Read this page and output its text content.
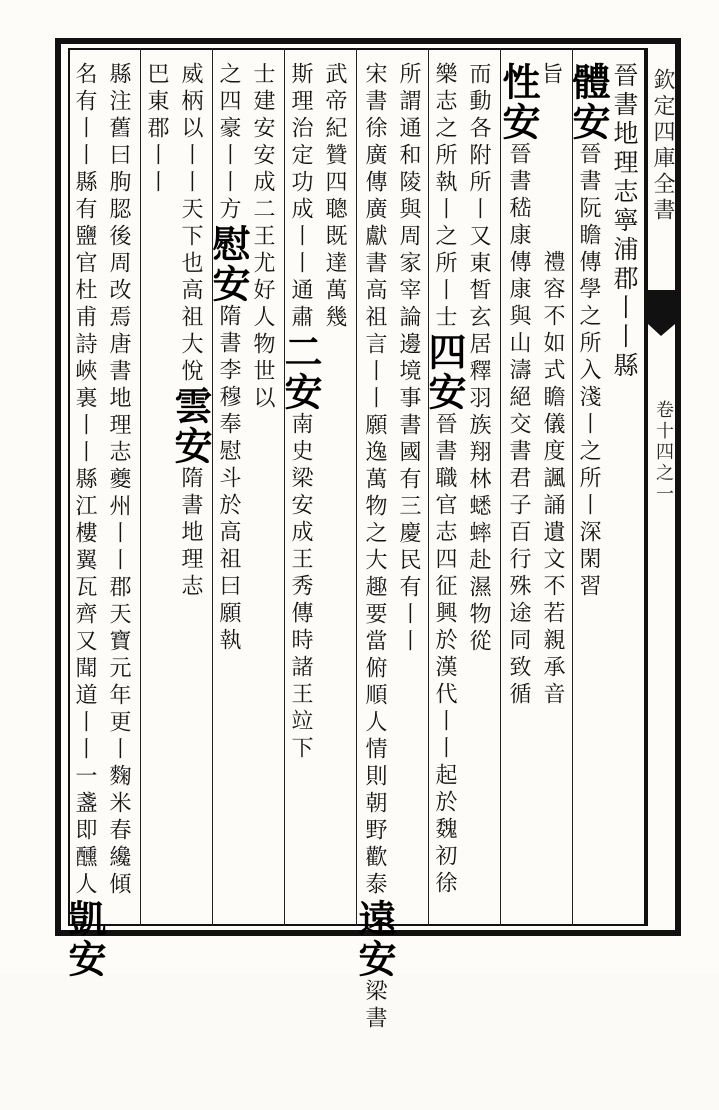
欽定四庫全書
卷十四之一
晉書地理志寧浦郡丨丨縣
體安晉書阮瞻傳學之所入淺丨之所丨深閑習
禮容不如式瞻儀度諷誦遺文不若親承音
旨
性安晉書嵇康傳康與山濤絕交書君子百行殊途同致循
而動各附所丨又東皙玄居釋羽族翔林蟋蟀赴濕物從
樂志之所執丨之所丨士四安晉書職官志四征興於漢代丨丨起於魏初徐
所謂通和陵與周家宰論邊境事書國有三慶民有丨丨
宋書徐廣傳廣獻書高祖言丨丨願逸萬物之大趣要當俯順人情則朝野歡泰遠安梁書
武帝紀贊四聰既達萬幾
斯理治定功成丨丨通肅二安南史梁安成王秀傳時諸王竝下
士建安安成二王尤好人物世以
之四豪丨丨方慰安隋書李穆奉慰斗於高祖曰願執
威柄以丨丨天下也高祖大悅雲安隋書地理志
巴東郡丨丨
縣注舊曰朐䏰後周改焉唐書地理志夔州丨丨郡天寶元年更丨麴米春纔傾
名有丨丨縣有鹽官杜甫詩峽裏丨丨縣江樓翼瓦齊又聞道丨丨一盞即醺人凱安
